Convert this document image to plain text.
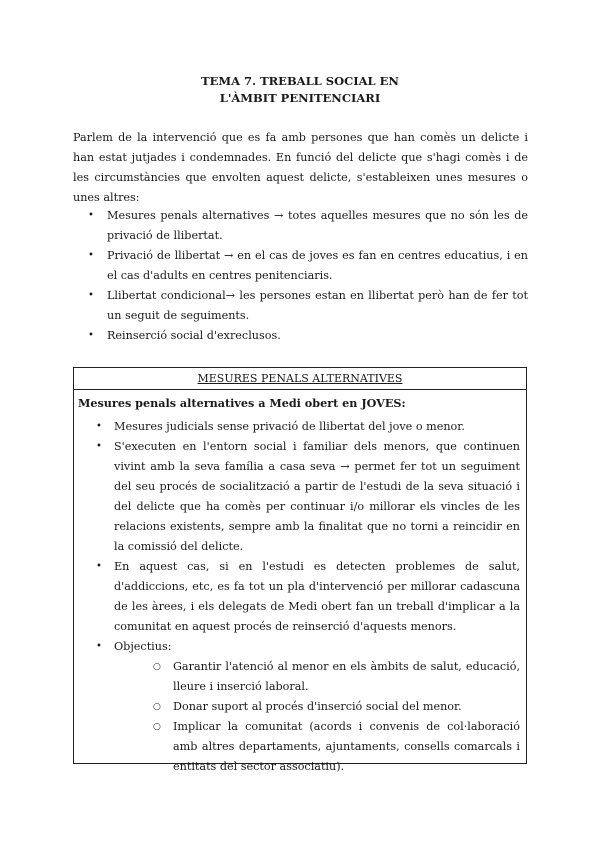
TEMA 7. TREBALL SOCIAL EN
L'ÀMBIT PENITENCIARI

Parlem de la intervenció que es fa amb persones que han comès un delicte i han estat jutjades i condemnades. En funció del delicte que s'hagi comès i de les circumstàncies que envolten aquest delicte, s'estableixen unes mesures o unes altres:

• Mesures penals alternatives → totes aquelles mesures que no són les de privació de llibertat.
• Privació de llibertat → en el cas de joves es fan en centres educatius, i en el cas d'adults en centres penitenciaris.
• Llibertat condicional→ les persones estan en llibertat però han de fer tot un seguit de seguiments.
• Reinserció social d'exreclusos.
MESURES PENALS ALTERNATIVES
Mesures penals alternatives a Medi obert en JOVES:
• Mesures judicials sense privació de llibertat del jove o menor.
• S'executen en l'entorn social i familiar dels menors, que continuen vivint amb la seva família a casa seva → permet fer tot un seguiment del seu procés de socialització a partir de l'estudi de la seva situació i del delicte que ha comès per continuar i/o millorar els vincles de les relacions existents, sempre amb la finalitat que no torni a reincidir en la comissió del delicte.
• En aquest cas, si en l'estudi es detecten problemes de salut, d'addiccions, etc, es fa tot un pla d'intervenció per millorar cadascuna de les àrees, i els delegats de Medi obert fan un treball d'implicar a la comunitat en aquest procés de reinserció d'aquests menors.
• Objectius:
○ Garantir l'atenció al menor en els àmbits de salut, educació, lleure i inserció laboral.
○ Donar suport al procés d'inserció social del menor.
○ Implicar la comunitat (acords i convenis de col·laboració amb altres departaments, ajuntaments, consells comarcals i entitats del sector associatiu).
